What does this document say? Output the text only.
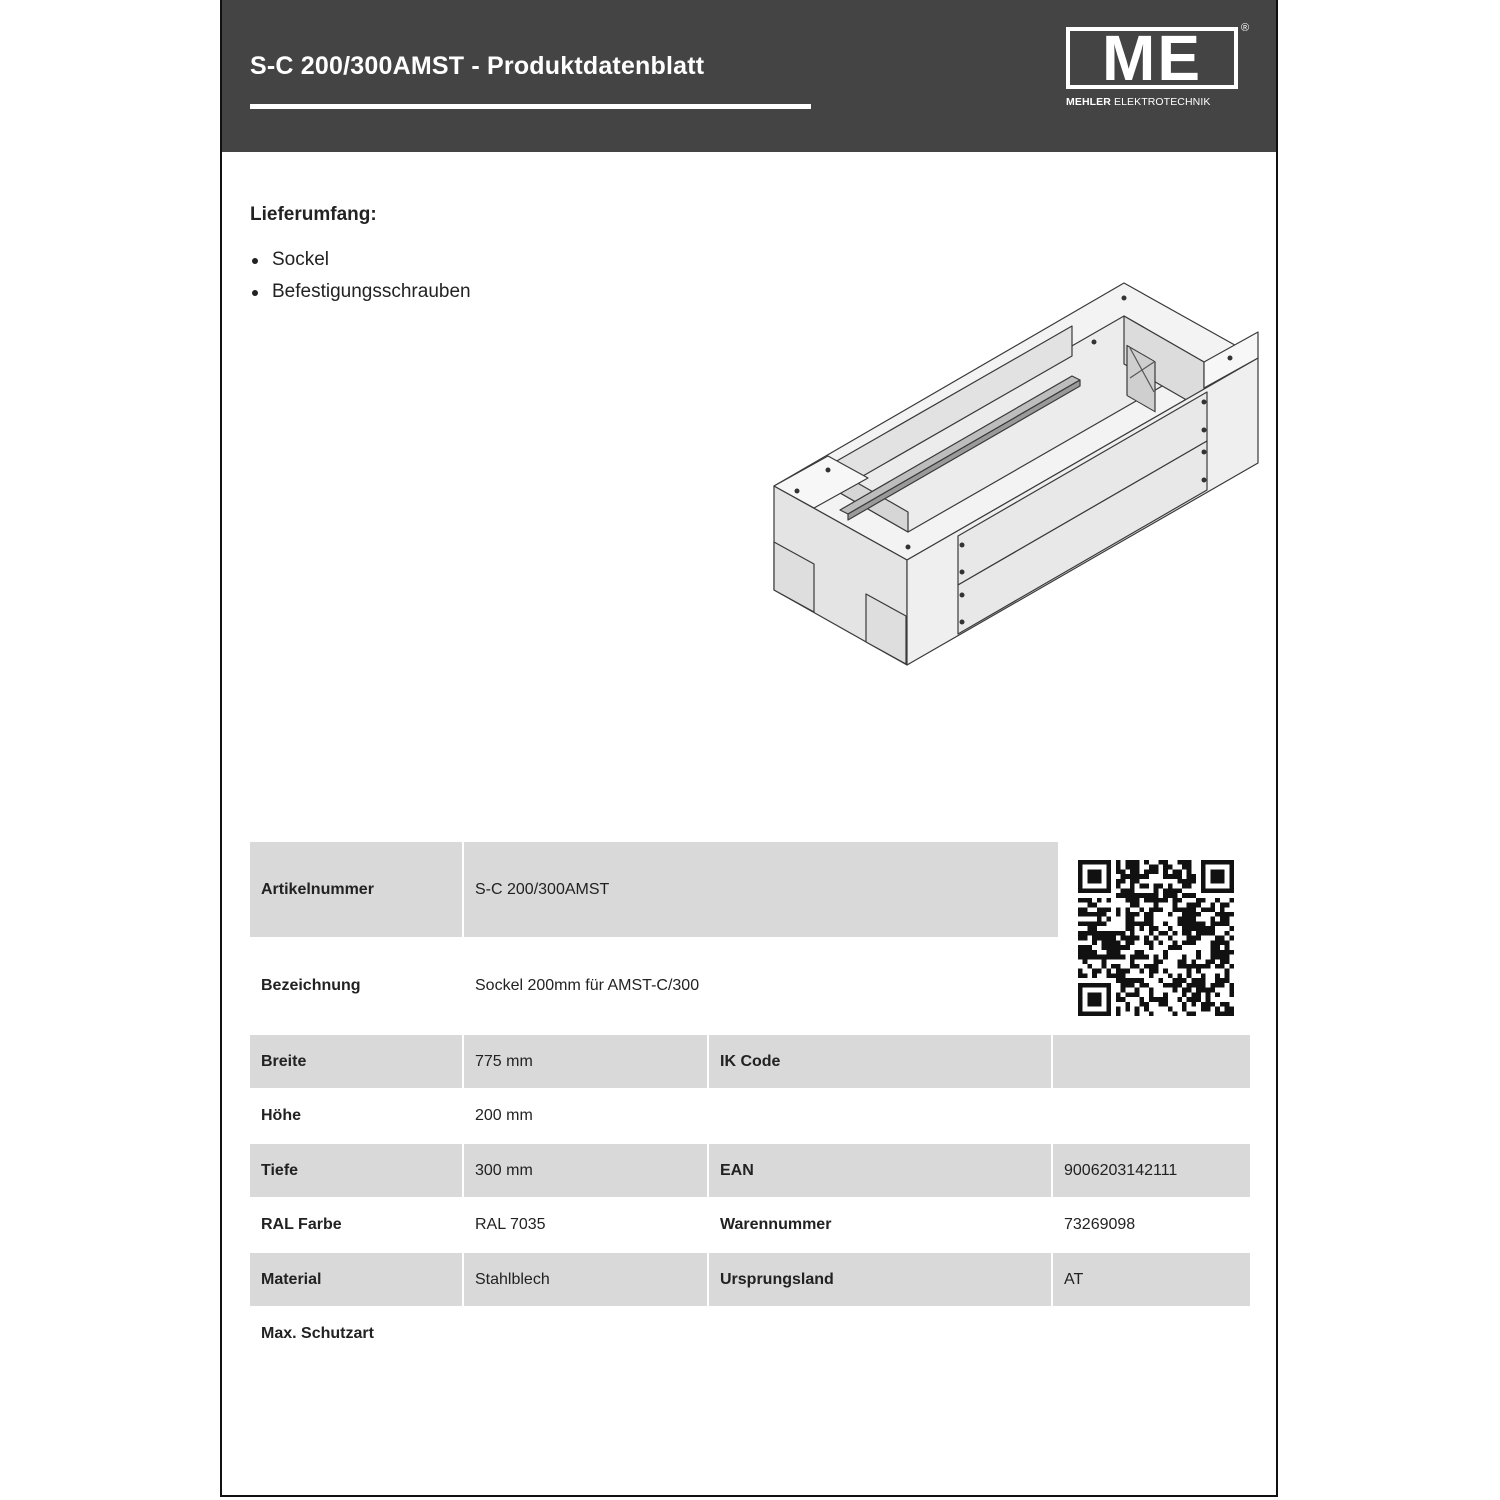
S-C 200/300AMST - Produktdatenblatt	ME	®
MEHLER ELEKTROTECHNIK
Lieferumfang:
Sockel
Befestigungsschrauben
Artikelnummer	S-C 200/300AMST
Bezeichnung	Sockel 200mm für AMST-C/300
Breite	775 mm	IK Code
Höhe	200 mm
Tiefe	300 mm	EAN	9006203142111
RAL Farbe	RAL 7035	Warennummer	73269098
Material	Stahlblech	Ursprungsland	AT
Max. Schutzart
